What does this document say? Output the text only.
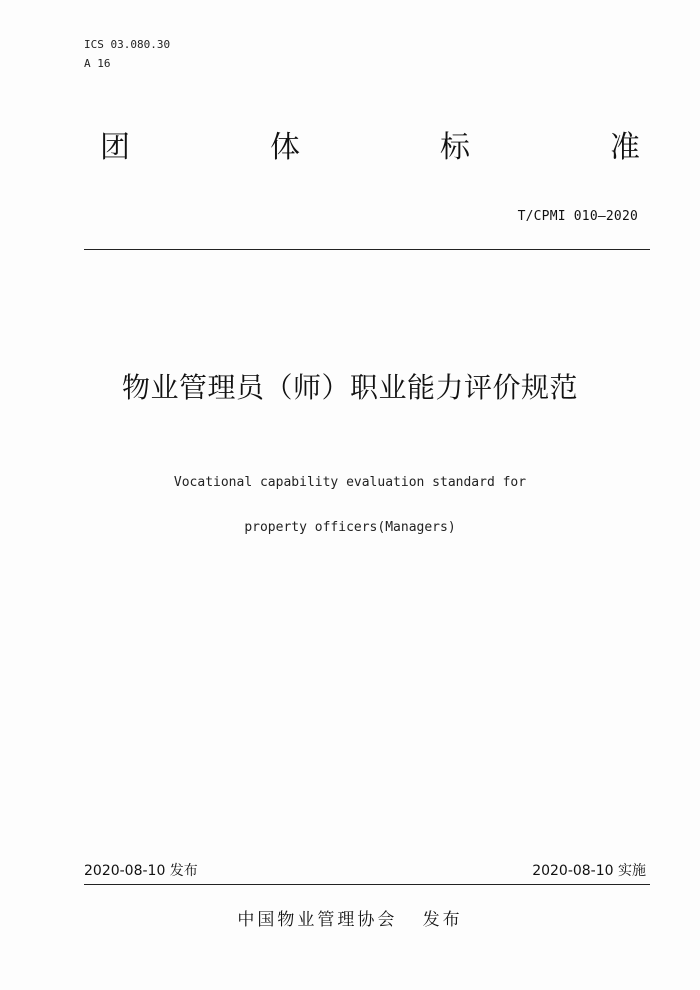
ICS 03.080.30
A 16
团	体	标	准
T/CPMI 010—2020
物业管理员（师）职业能力评价规范
Vocational capability evaluation standard for
property officers(Managers)
2020-08-10 发布	2020-08-10 实施
中国物业管理协会   发布
